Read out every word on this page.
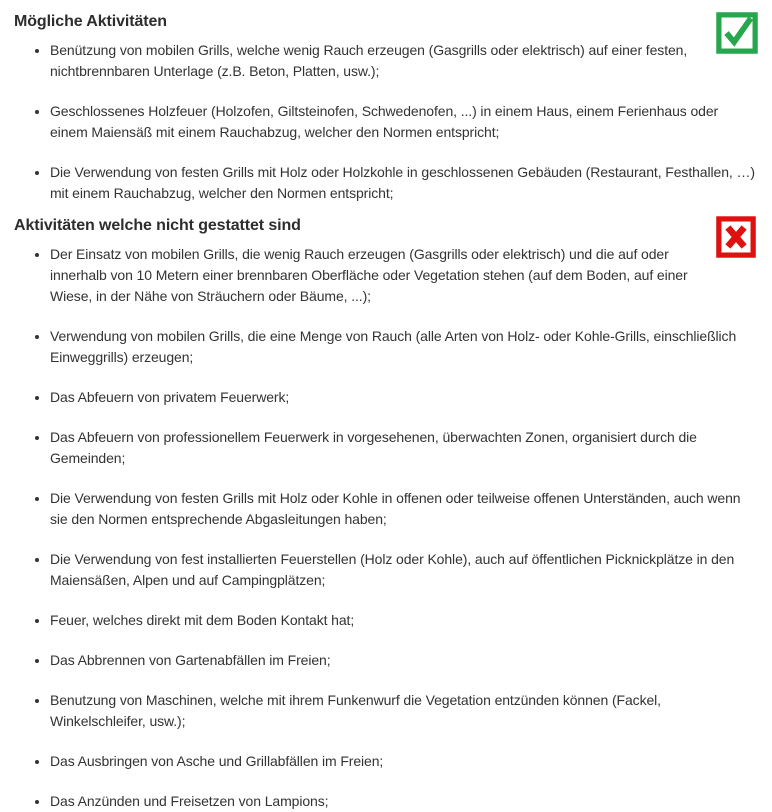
Mögliche Aktivitäten
• Benützung von mobilen Grills, welche wenig Rauch erzeugen (Gasgrills oder elektrisch) auf einer festen, nichtbrennbaren Unterlage (z.B. Beton, Platten, usw.);
• Geschlossenes Holzfeuer (Holzofen, Giltsteinofen, Schwedenofen, ...) in einem Haus, einem Ferienhaus oder einem Maiensäß mit einem Rauchabzug, welcher den Normen entspricht;
• Die Verwendung von festen Grills mit Holz oder Holzkohle in geschlossenen Gebäuden (Restaurant, Festhallen, …) mit einem Rauchabzug, welcher den Normen entspricht;
Aktivitäten welche nicht gestattet sind
• Der Einsatz von mobilen Grills, die wenig Rauch erzeugen (Gasgrills oder elektrisch) und die auf oder innerhalb von 10 Metern einer brennbaren Oberfläche oder Vegetation stehen (auf dem Boden, auf einer Wiese, in der Nähe von Sträuchern oder Bäume, ...);
• Verwendung von mobilen Grills, die eine Menge von Rauch (alle Arten von Holz- oder Kohle-Grills, einschließlich Einweggrills) erzeugen;
• Das Abfeuern von privatem Feuerwerk;
• Das Abfeuern von professionellem Feuerwerk in vorgesehenen, überwachten Zonen, organisiert durch die Gemeinden;
• Die Verwendung von festen Grills mit Holz oder Kohle in offenen oder teilweise offenen Unterständen, auch wenn sie den Normen entsprechende Abgasleitungen haben;
• Die Verwendung von fest installierten Feuerstellen (Holz oder Kohle), auch auf öffentlichen Picknickplätze in den Maiensäßen, Alpen und auf Campingplätzen;
• Feuer, welches direkt mit dem Boden Kontakt hat;
• Das Abbrennen von Gartenabfällen im Freien;
• Benutzung von Maschinen, welche mit ihrem Funkenwurf die Vegetation entzünden können (Fackel, Winkelschleifer, usw.);
• Das Ausbringen von Asche und Grillabfällen im Freien;
• Das Anzünden und Freisetzen von Lampions;
